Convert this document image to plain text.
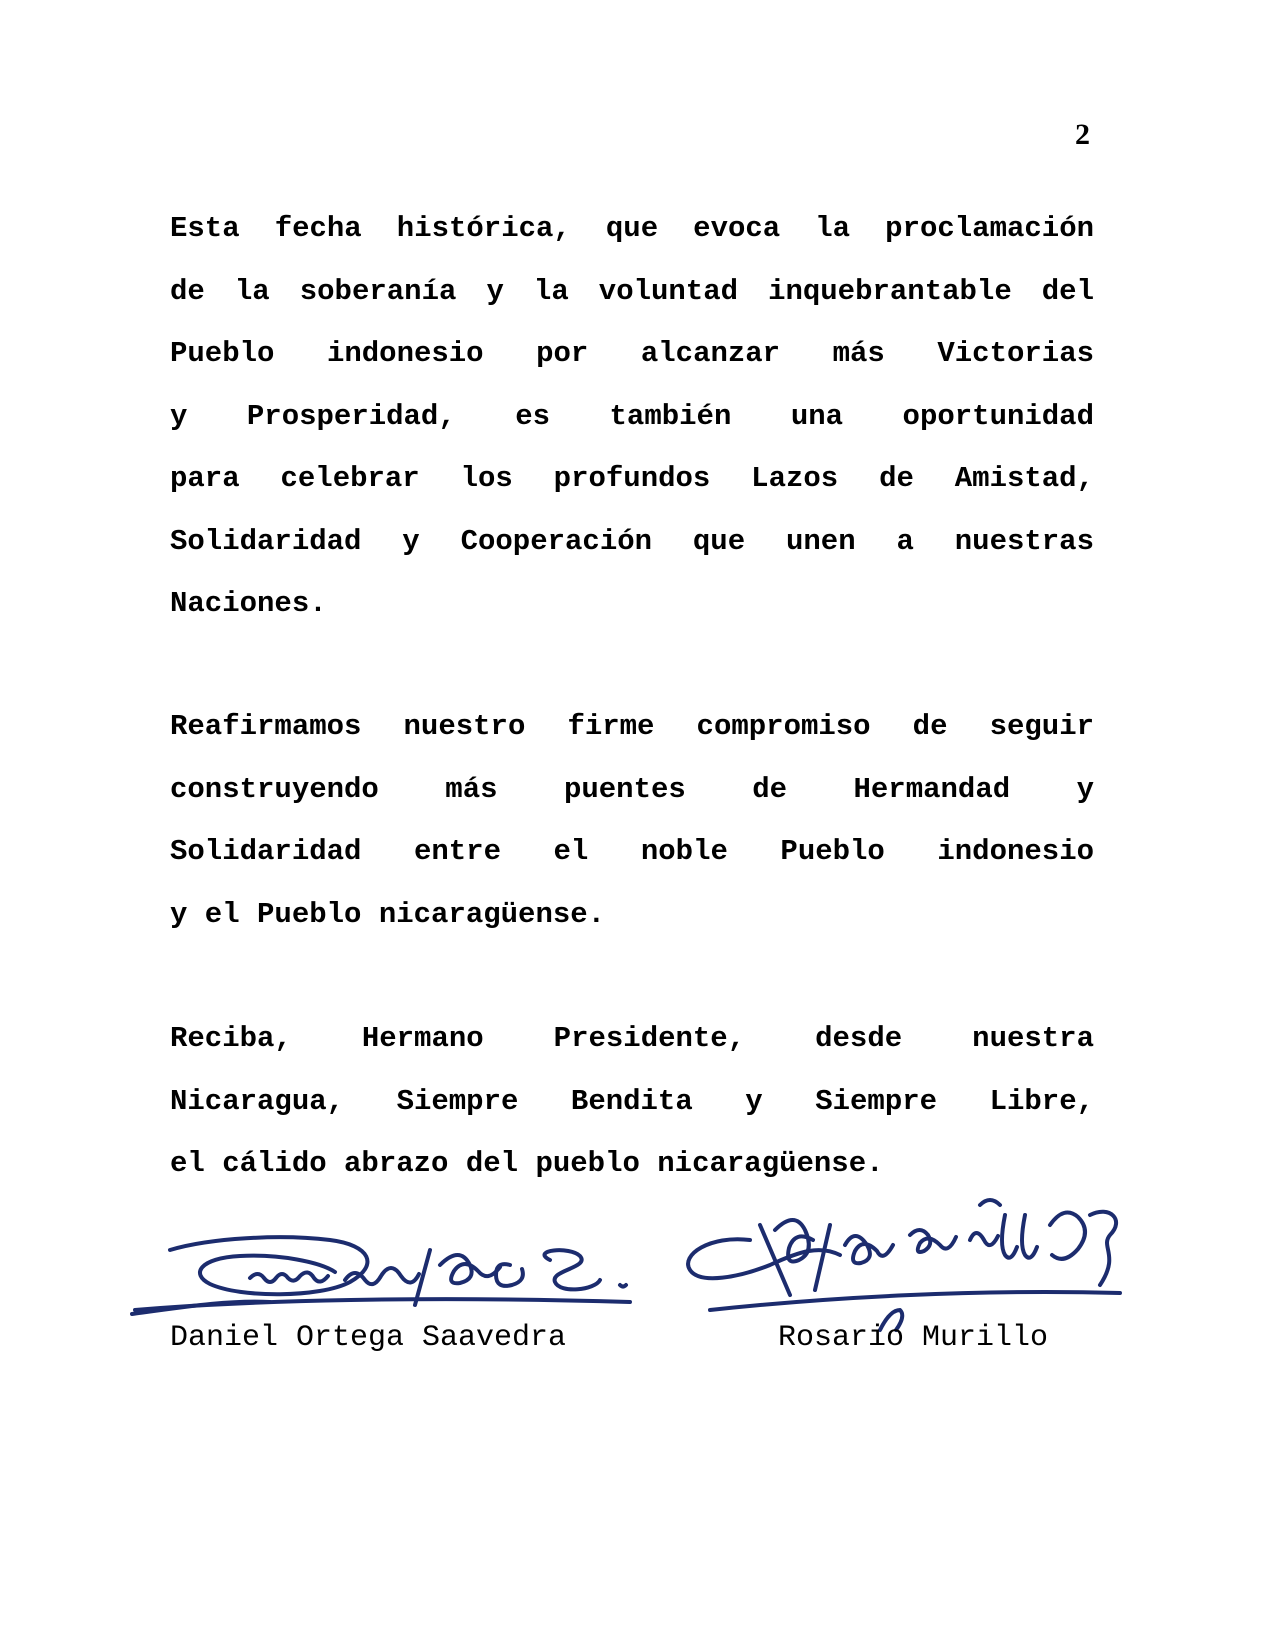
2
Esta fecha histórica, que evoca la proclamación
de la soberanía y la voluntad inquebrantable del
Pueblo indonesio por alcanzar más Victorias
y Prosperidad, es también una oportunidad
para celebrar los profundos Lazos de Amistad,
Solidaridad y Cooperación que unen a nuestras
Naciones.
Reafirmamos nuestro firme compromiso de seguir
construyendo más puentes de Hermandad y
Solidaridad entre el noble Pueblo indonesio
y el Pueblo nicaragüense.
Reciba, Hermano Presidente, desde nuestra
Nicaragua, Siempre Bendita y Siempre Libre,
el cálido abrazo del pueblo nicaragüense.
Daniel Ortega Saavedra	Rosario Murillo
